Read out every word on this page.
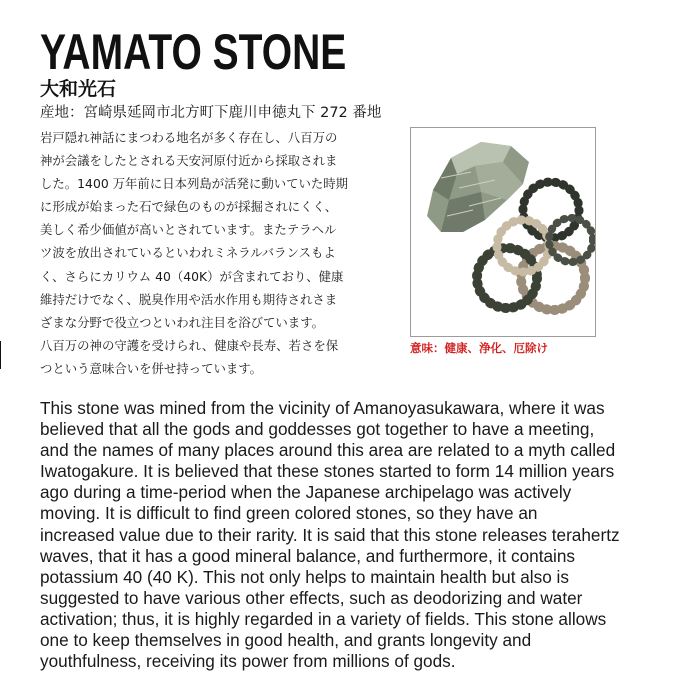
YAMATO STONE
大和光石
産地：宮崎県延岡市北方町下鹿川申徳丸下 272 番地
岩戸隠れ神話にまつわる地名が多く存在し、八百万の
神が会議をしたとされる天安河原付近から採取されま
した。1400 万年前に日本列島が活発に動いていた時期
に形成が始まった石で緑色のものが採掘されにくく、
美しく希少価値が高いとされています。またテラヘル
ツ波を放出されているといわれミネラルバランスもよ
く、さらにカリウム 40（40K）が含まれており、健康
維持だけでなく、脱臭作用や活水作用も期待されさま
ざまな分野で役立つといわれ注目を浴びています。
八百万の神の守護を受けられ、健康や長寿、若さを保
つという意味合いを併せ持っています。
意味：健康、浄化、厄除け
This stone was mined from the vicinity of Amanoyasukawara, where it was
believed that all the gods and goddesses got together to have a meeting,
and the names of many places around this area are related to a myth called
Iwatogakure. It is believed that these stones started to form 14 million years
ago during a time-period when the Japanese archipelago was actively
moving. It is difficult to find green colored stones, so they have an
increased value due to their rarity. It is said that this stone releases terahertz
waves, that it has a good mineral balance, and furthermore, it contains
potassium 40 (40 K). This not only helps to maintain health but also is
suggested to have various other effects, such as deodorizing and water
activation; thus, it is highly regarded in a variety of fields. This stone allows
one to keep themselves in good health, and grants longevity and
youthfulness, receiving its power from millions of gods.
